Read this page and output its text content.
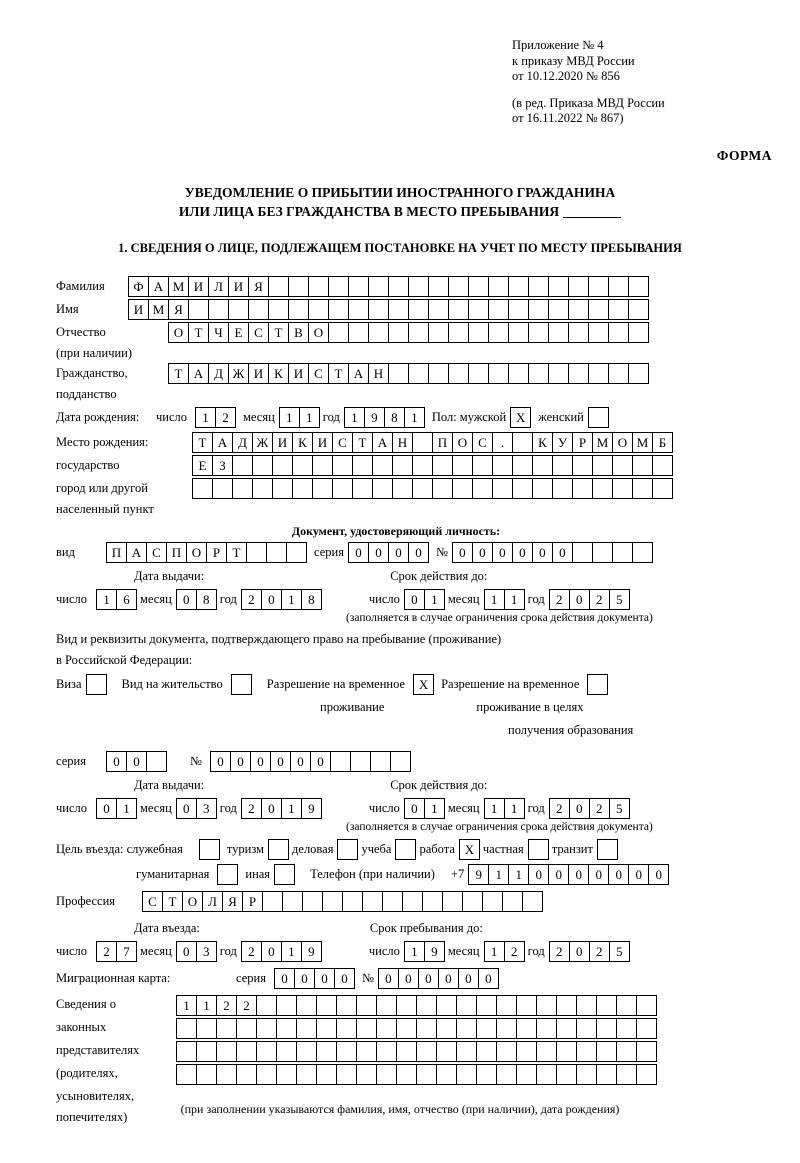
Приложение № 4
к приказу МВД России
от 10.12.2020 № 856
(в ред. Приказа МВД России
от 16.11.2022 № 867)
ФОРМА
УВЕДОМЛЕНИЕ О ПРИБЫТИИ ИНОСТРАННОГО ГРАЖДАНИНА
ИЛИ ЛИЦА БЕЗ ГРАЖДАНСТВА В МЕСТО ПРЕБЫВАНИЯ
1. СВЕДЕНИЯ О ЛИЦЕ, ПОДЛЕЖАЩЕМ ПОСТАНОВКЕ НА УЧЕТ ПО МЕСТУ ПРЕБЫВАНИЯ
Фамилия	Ф А М И Л И Я
Имя	И М Я
Отчество	О Т Ч Е С Т В О
(при наличии)
Гражданство,	Т А Д Ж И К И С Т А Н
подданство
Дата рождения:	число	1	2	месяц 1	1 год 1	9	8	1	Пол: мужской X	женский
Место рождения:	Т А Д Ж И К И С Т А Н	П О С	.	К У Р М О М Б
государство	Е З
город или другой
населенный пункт
Документ, удостоверяющий личность:
вид	П А С П О Р Т	серия 0	0	0	0	№ 0	0	0	0	0	0
Дата выдачи:	Срок действия до:
число	1	6 месяц 0	8 год 2	0	1	8	число 0	1 месяц 1	1 год 2	0	2	5
(заполняется в случае ограничения срока действия документа)
Вид и реквизиты документа, подтверждающего право на пребывание (проживание)
в Российской Федерации:
Виза	Вид на жительство	Разрешение на временное	X	Разрешение на временное
проживание	проживание в целях
получения образования
серия	0	0	№	0	0	0	0	0	0
Дата выдачи:	Срок действия до:
число	0	1 месяц 0	3 год 2	0	1	9	число 0	1 месяц 1	1 год 2	0	2	5
(заполняется в случае ограничения срока действия документа)
Цель въезда: служебная	туризм деловая учеба работа X частная транзит
гуманитарная	иная	Телефон (при наличии) +7 9	1	1	0	0	0	0	0	0	0
Профессия	С Т О Л Я Р
Дата въезда:	Срок пребывания до:
число	2	7 месяц 0	3 год 2	0	1	9	число 1	9 месяц 1	2 год 2	0	2	5
Миграционная карта:	серия	0	0	0	0	№ 0	0	0	0	0	0
Сведения о	1	1	2	2
законных
представителях
(родителях,
усыновителях,
попечителях)
(при заполнении указываются фамилия, имя, отчество (при наличии), дата рождения)
